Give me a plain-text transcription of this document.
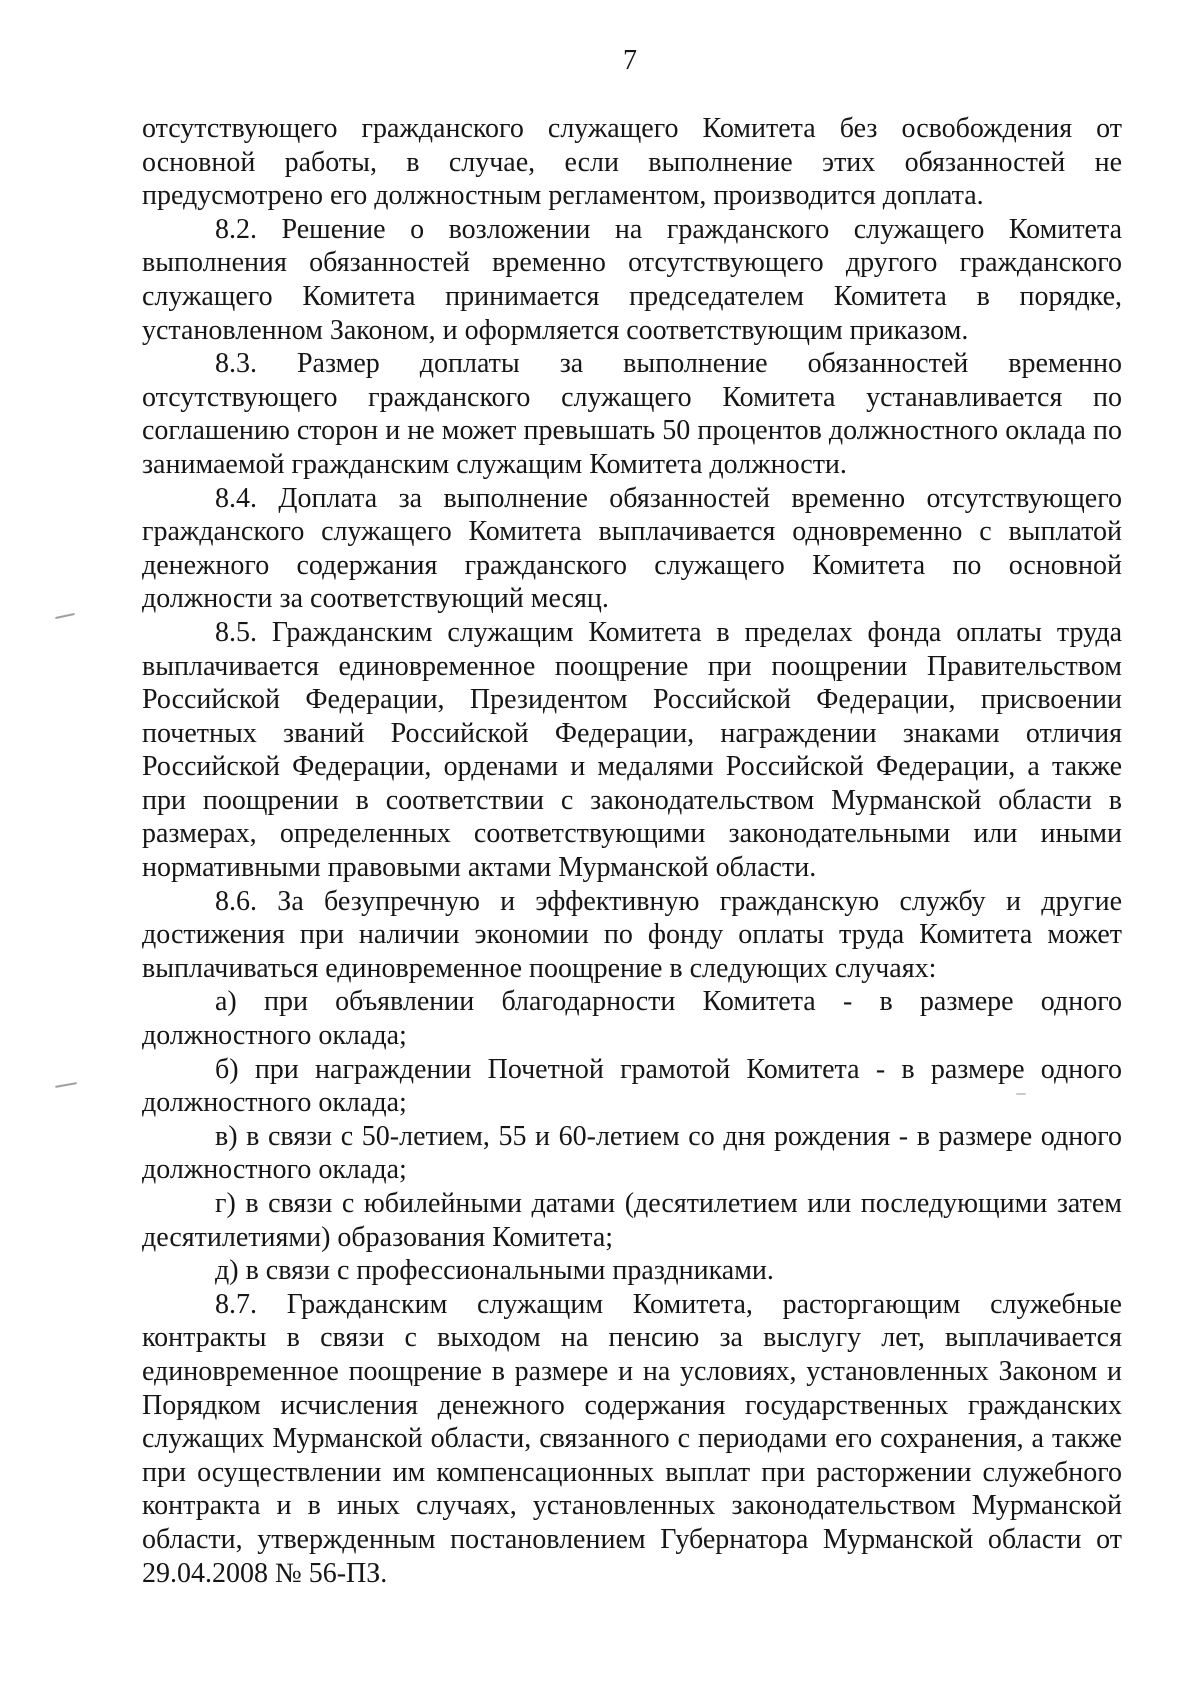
7

отсутствующего гражданского служащего Комитета без освобождения от основной работы, в случае, если выполнение этих обязанностей не предусмотрено его должностным регламентом, производится доплата.

8.2. Решение о возложении на гражданского служащего Комитета выполнения обязанностей временно отсутствующего другого гражданского служащего Комитета принимается председателем Комитета в порядке, установленном Законом, и оформляется соответствующим приказом.

8.3. Размер доплаты за выполнение обязанностей временно отсутствующего гражданского служащего Комитета устанавливается по соглашению сторон и не может превышать 50 процентов должностного оклада по занимаемой гражданским служащим Комитета должности.

8.4. Доплата за выполнение обязанностей временно отсутствующего гражданского служащего Комитета выплачивается одновременно с выплатой денежного содержания гражданского служащего Комитета по основной должности за соответствующий месяц.

8.5. Гражданским служащим Комитета в пределах фонда оплаты труда выплачивается единовременное поощрение при поощрении Правительством Российской Федерации, Президентом Российской Федерации, присвоении почетных званий Российской Федерации, награждении знаками отличия Российской Федерации, орденами и медалями Российской Федерации, а также при поощрении в соответствии с законодательством Мурманской области в размерах, определенных соответствующими законодательными или иными нормативными правовыми актами Мурманской области.

8.6. За безупречную и эффективную гражданскую службу и другие достижения при наличии экономии по фонду оплаты труда Комитета может выплачиваться единовременное поощрение в следующих случаях:

а) при объявлении благодарности Комитета - в размере одного должностного оклада;

б) при награждении Почетной грамотой Комитета - в размере одного должностного оклада;

в) в связи с 50-летием, 55 и 60-летием со дня рождения - в размере одного должностного оклада;

г) в связи с юбилейными датами (десятилетием или последующими затем десятилетиями) образования Комитета;

д) в связи с профессиональными праздниками.

8.7. Гражданским служащим Комитета, расторгающим служебные контракты в связи с выходом на пенсию за выслугу лет, выплачивается единовременное поощрение в размере и на условиях, установленных Законом и Порядком исчисления денежного содержания государственных гражданских служащих Мурманской области, связанного с периодами его сохранения, а также при осуществлении им компенсационных выплат при расторжении служебного контракта и в иных случаях, установленных законодательством Мурманской области, утвержденным постановлением Губернатора Мурманской области от 29.04.2008 № 56-ПЗ.
